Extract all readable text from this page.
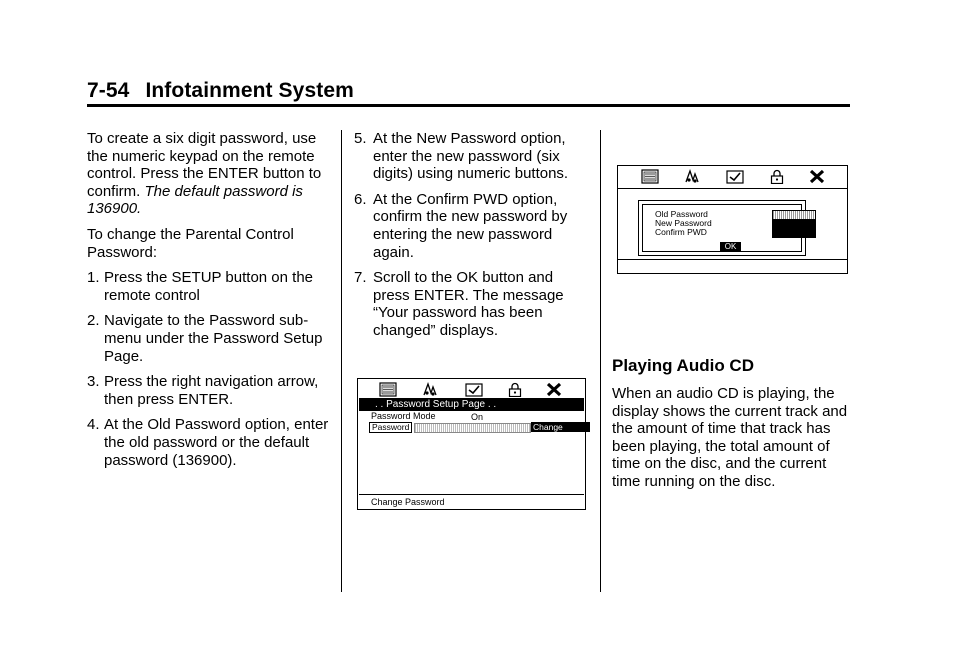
7-54 Infotainment System

To create a six digit password, use the numeric keypad on the remote control. Press the ENTER button to confirm. The default password is 136900.

To change the Parental Control Password:

1. Press the SETUP button on the remote control
2. Navigate to the Password sub-menu under the Password Setup Page.
3. Press the right navigation arrow, then press ENTER.
4. At the Old Password option, enter the old password or the default password (136900).
5. At the New Password option, enter the new password (six digits) using numeric buttons.
6. At the Confirm PWD option, confirm the new password by entering the new password again.
7. Scroll to the OK button and press ENTER. The message “Your password has been changed” displays.
. . Password Setup Page . .
Password Mode	On
Password	Change
Change Password
Old Password
New Password
Confirm PWD
OK
Playing Audio CD

When an audio CD is playing, the display shows the current track and the amount of time that track has been playing, the total amount of time on the disc, and the current time running on the disc.
